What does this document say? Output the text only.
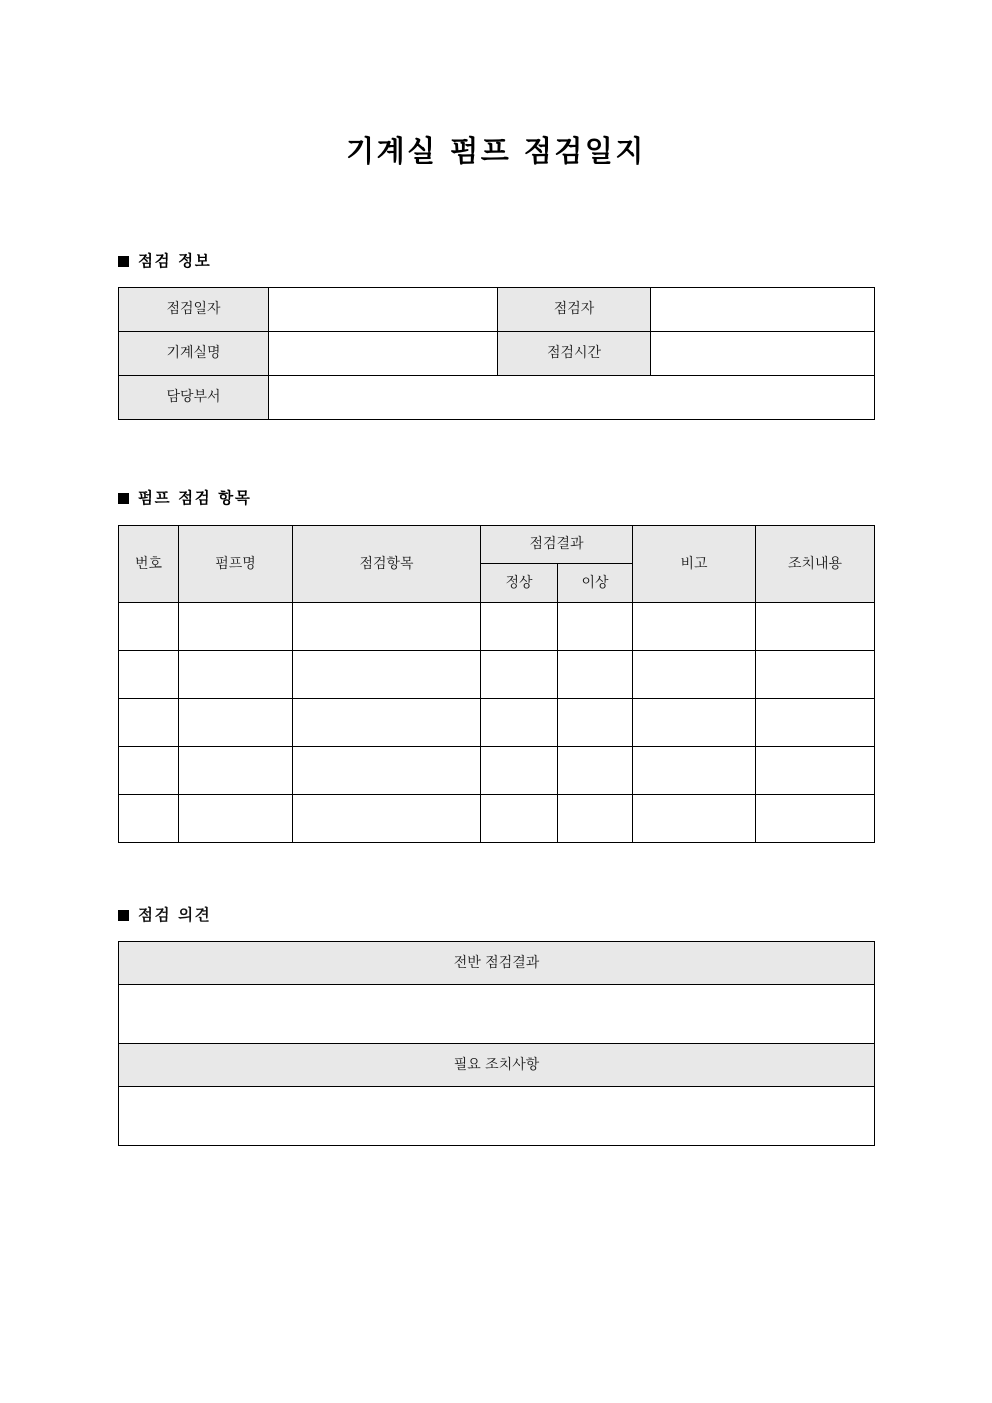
기계실 펌프 점검일지
점검 정보
점검일자		점검자	
기계실명		점검시간	
담당부서			
펌프 점검 항목
번호	펌프명	점검항목	점검결과		비고	조치내용
			정상	이상		

점검 의견
전반 점검결과

필요 조치사항
